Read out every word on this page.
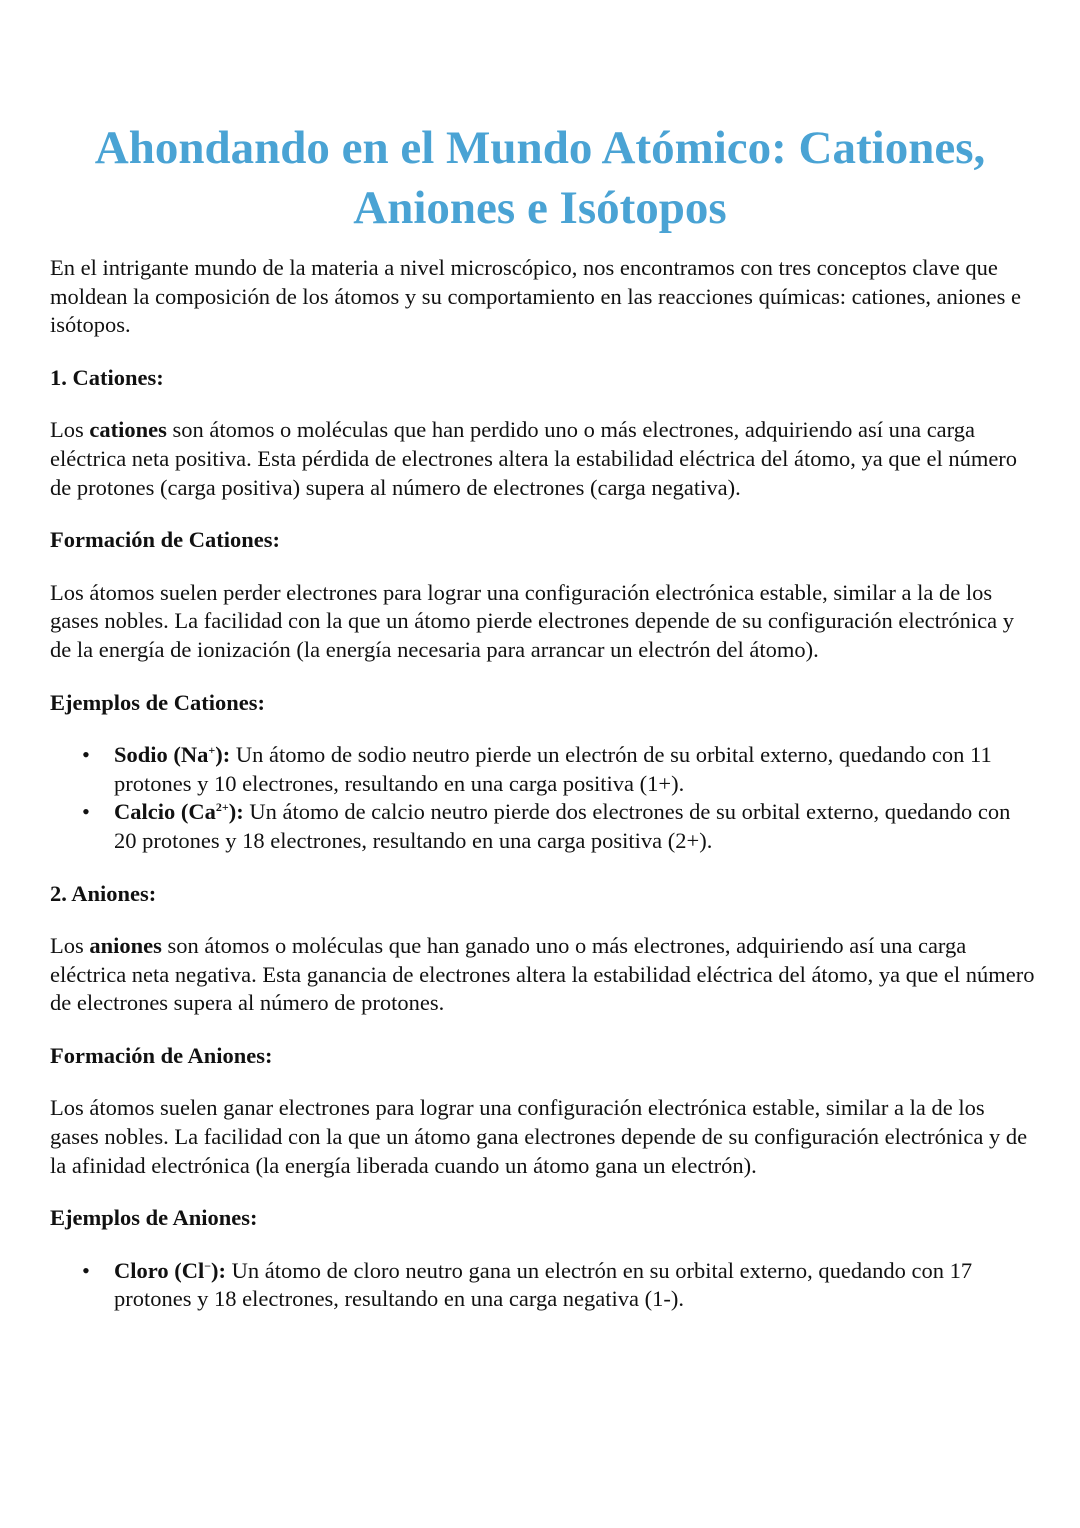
Ahondando en el Mundo Atómico: Cationes,
Aniones e Isótopos

En el intrigante mundo de la materia a nivel microscópico, nos encontramos con tres conceptos clave que moldean la composición de los átomos y su comportamiento en las reacciones químicas: cationes, aniones e isótopos.

1. Cationes:

Los cationes son átomos o moléculas que han perdido uno o más electrones, adquiriendo así una carga eléctrica neta positiva. Esta pérdida de electrones altera la estabilidad eléctrica del átomo, ya que el número de protones (carga positiva) supera al número de electrones (carga negativa).

Formación de Cationes:

Los átomos suelen perder electrones para lograr una configuración electrónica estable, similar a la de los gases nobles. La facilidad con la que un átomo pierde electrones depende de su configuración electrónica y de la energía de ionización (la energía necesaria para arrancar un electrón del átomo).

Ejemplos de Cationes:

• Sodio (Na+): Un átomo de sodio neutro pierde un electrón de su orbital externo, quedando con 11 protones y 10 electrones, resultando en una carga positiva (1+).
• Calcio $(Ca^{2+})$: Un átomo de calcio neutro pierde dos electrones de su orbital externo, quedando con 20 protones y 18 electrones, resultando en una carga positiva (2+).

2. Aniones:

Los aniones son átomos o moléculas que han ganado uno o más electrones, adquiriendo así una carga eléctrica neta negativa. Esta ganancia de electrones altera la estabilidad eléctrica del átomo, ya que el número de electrones supera al número de protones.

Formación de Aniones:

Los átomos suelen ganar electrones para lograr una configuración electrónica estable, similar a la de los gases nobles. La facilidad con la que un átomo gana electrones depende de su configuración electrónica y de la afinidad electrónica (la energía liberada cuando un átomo gana un electrón).

Ejemplos de Aniones:

• Cloro (Cl−): Un átomo de cloro neutro gana un electrón en su orbital externo, quedando con 17 protones y 18 electrones, resultando en una carga negativa (1-).
